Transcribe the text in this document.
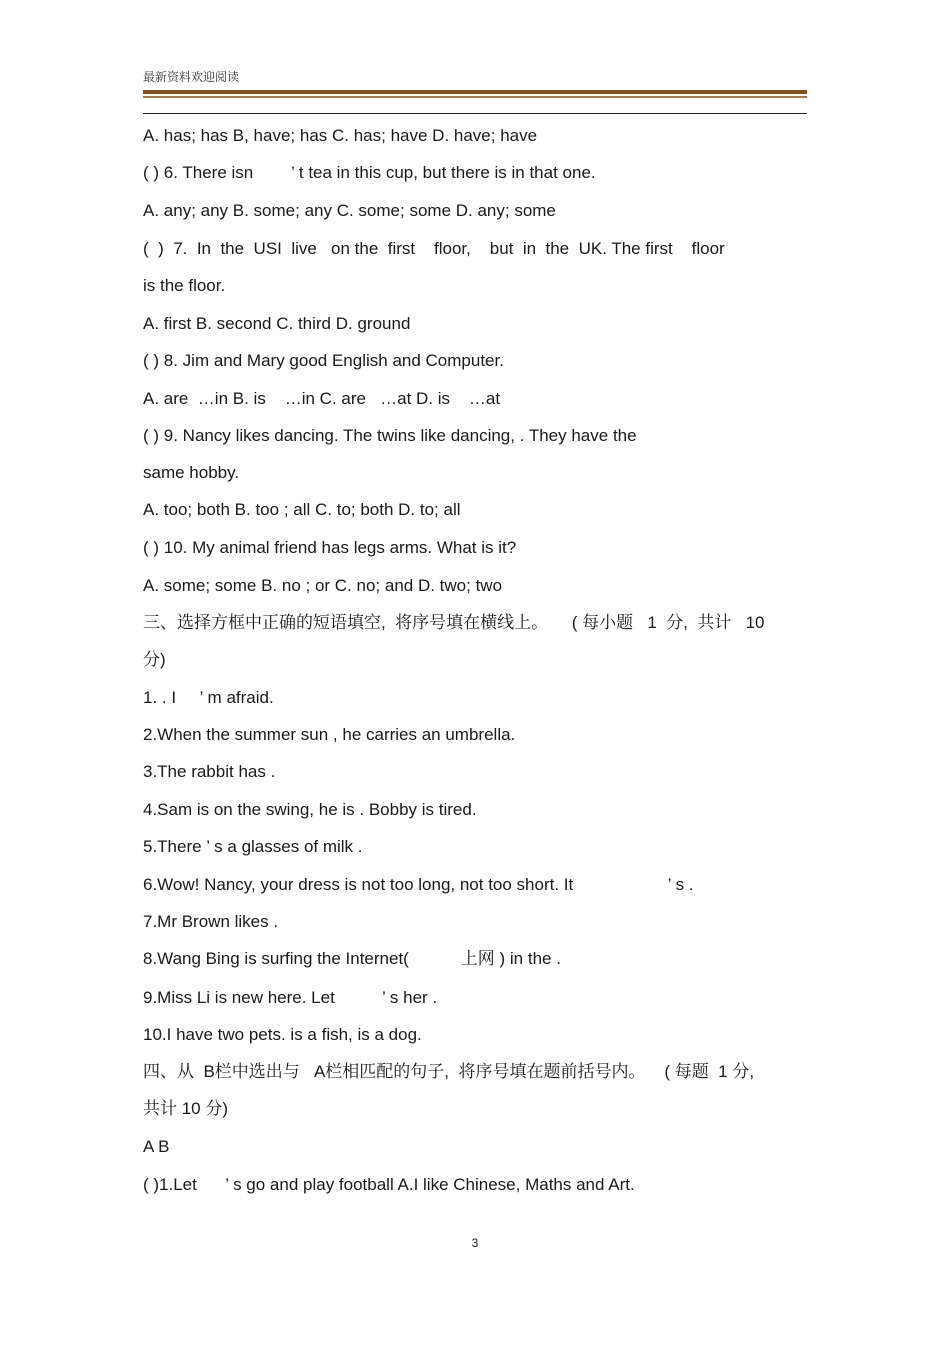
最新资料欢迎阅读
A. has; has B, have; has C. has; have D. have; have
( ) 6. There isn        ’ t tea in this cup, but there is in that one.
A. any; any B. some; any C. some; some D. any; some
(  )  7.  In  the  USI  live   on the  first    floor,    but  in  the  UK. The first    floor
is the floor.
A. first B. second C. third D. ground
( ) 8. Jim and Mary good English and Computer.
A. are  …in B. is    …in C. are   …at D. is    …at
( ) 9. Nancy likes dancing. The twins like dancing, . They have the
same hobby.
A. too; both B. too ; all C. to; both D. to; all
( ) 10. My animal friend has legs arms. What is it?
A. some; some B. no ; or C. no; and D. two; two
三、选择方框中正确的短语填空,  将序号填在横线上。     ( 每小题   1  分,  共计   10
分)
1. . I     ’ m afraid.
2.When the summer sun , he carries an umbrella.
3.The rabbit has .
4.Sam is on the swing, he is . Bobby is tired.
5.There ’ s a glasses of milk .
6.Wow! Nancy, your dress is not too long, not too short. It                    ’ s .
7.Mr Brown likes .
8.Wang Bing is surfing the Internet(           上网 ) in the .
9.Miss Li is new here. Let          ’ s her .
10.I have two pets. is a fish, is a dog.
四、从  B栏中选出与   A栏相匹配的句子,  将序号填在题前括号内。    ( 每题  1 分,
共计 10 分)
A B
( )1.Let      ’ s go and play football A.I like Chinese, Maths and Art.
3
